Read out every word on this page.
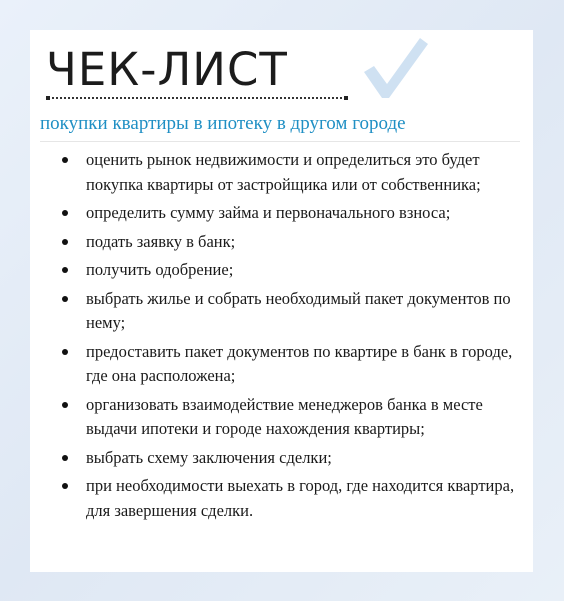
ЧЕК-ЛИСТ
покупки квартиры в ипотеку в другом городе
оценить рынок недвижимости и определиться это будет покупка квартиры от застройщика или от собственника;
определить сумму займа и первоначального взноса;
подать заявку в банк;
получить одобрение;
выбрать жилье и собрать необходимый пакет документов по нему;
предоставить пакет документов по квартире в банк в городе, где она расположена;
организовать взаимодействие менеджеров банка в месте выдачи ипотеки и городе нахождения квартиры;
выбрать схему заключения сделки;
при необходимости выехать в город, где находится квартира, для завершения сделки.
